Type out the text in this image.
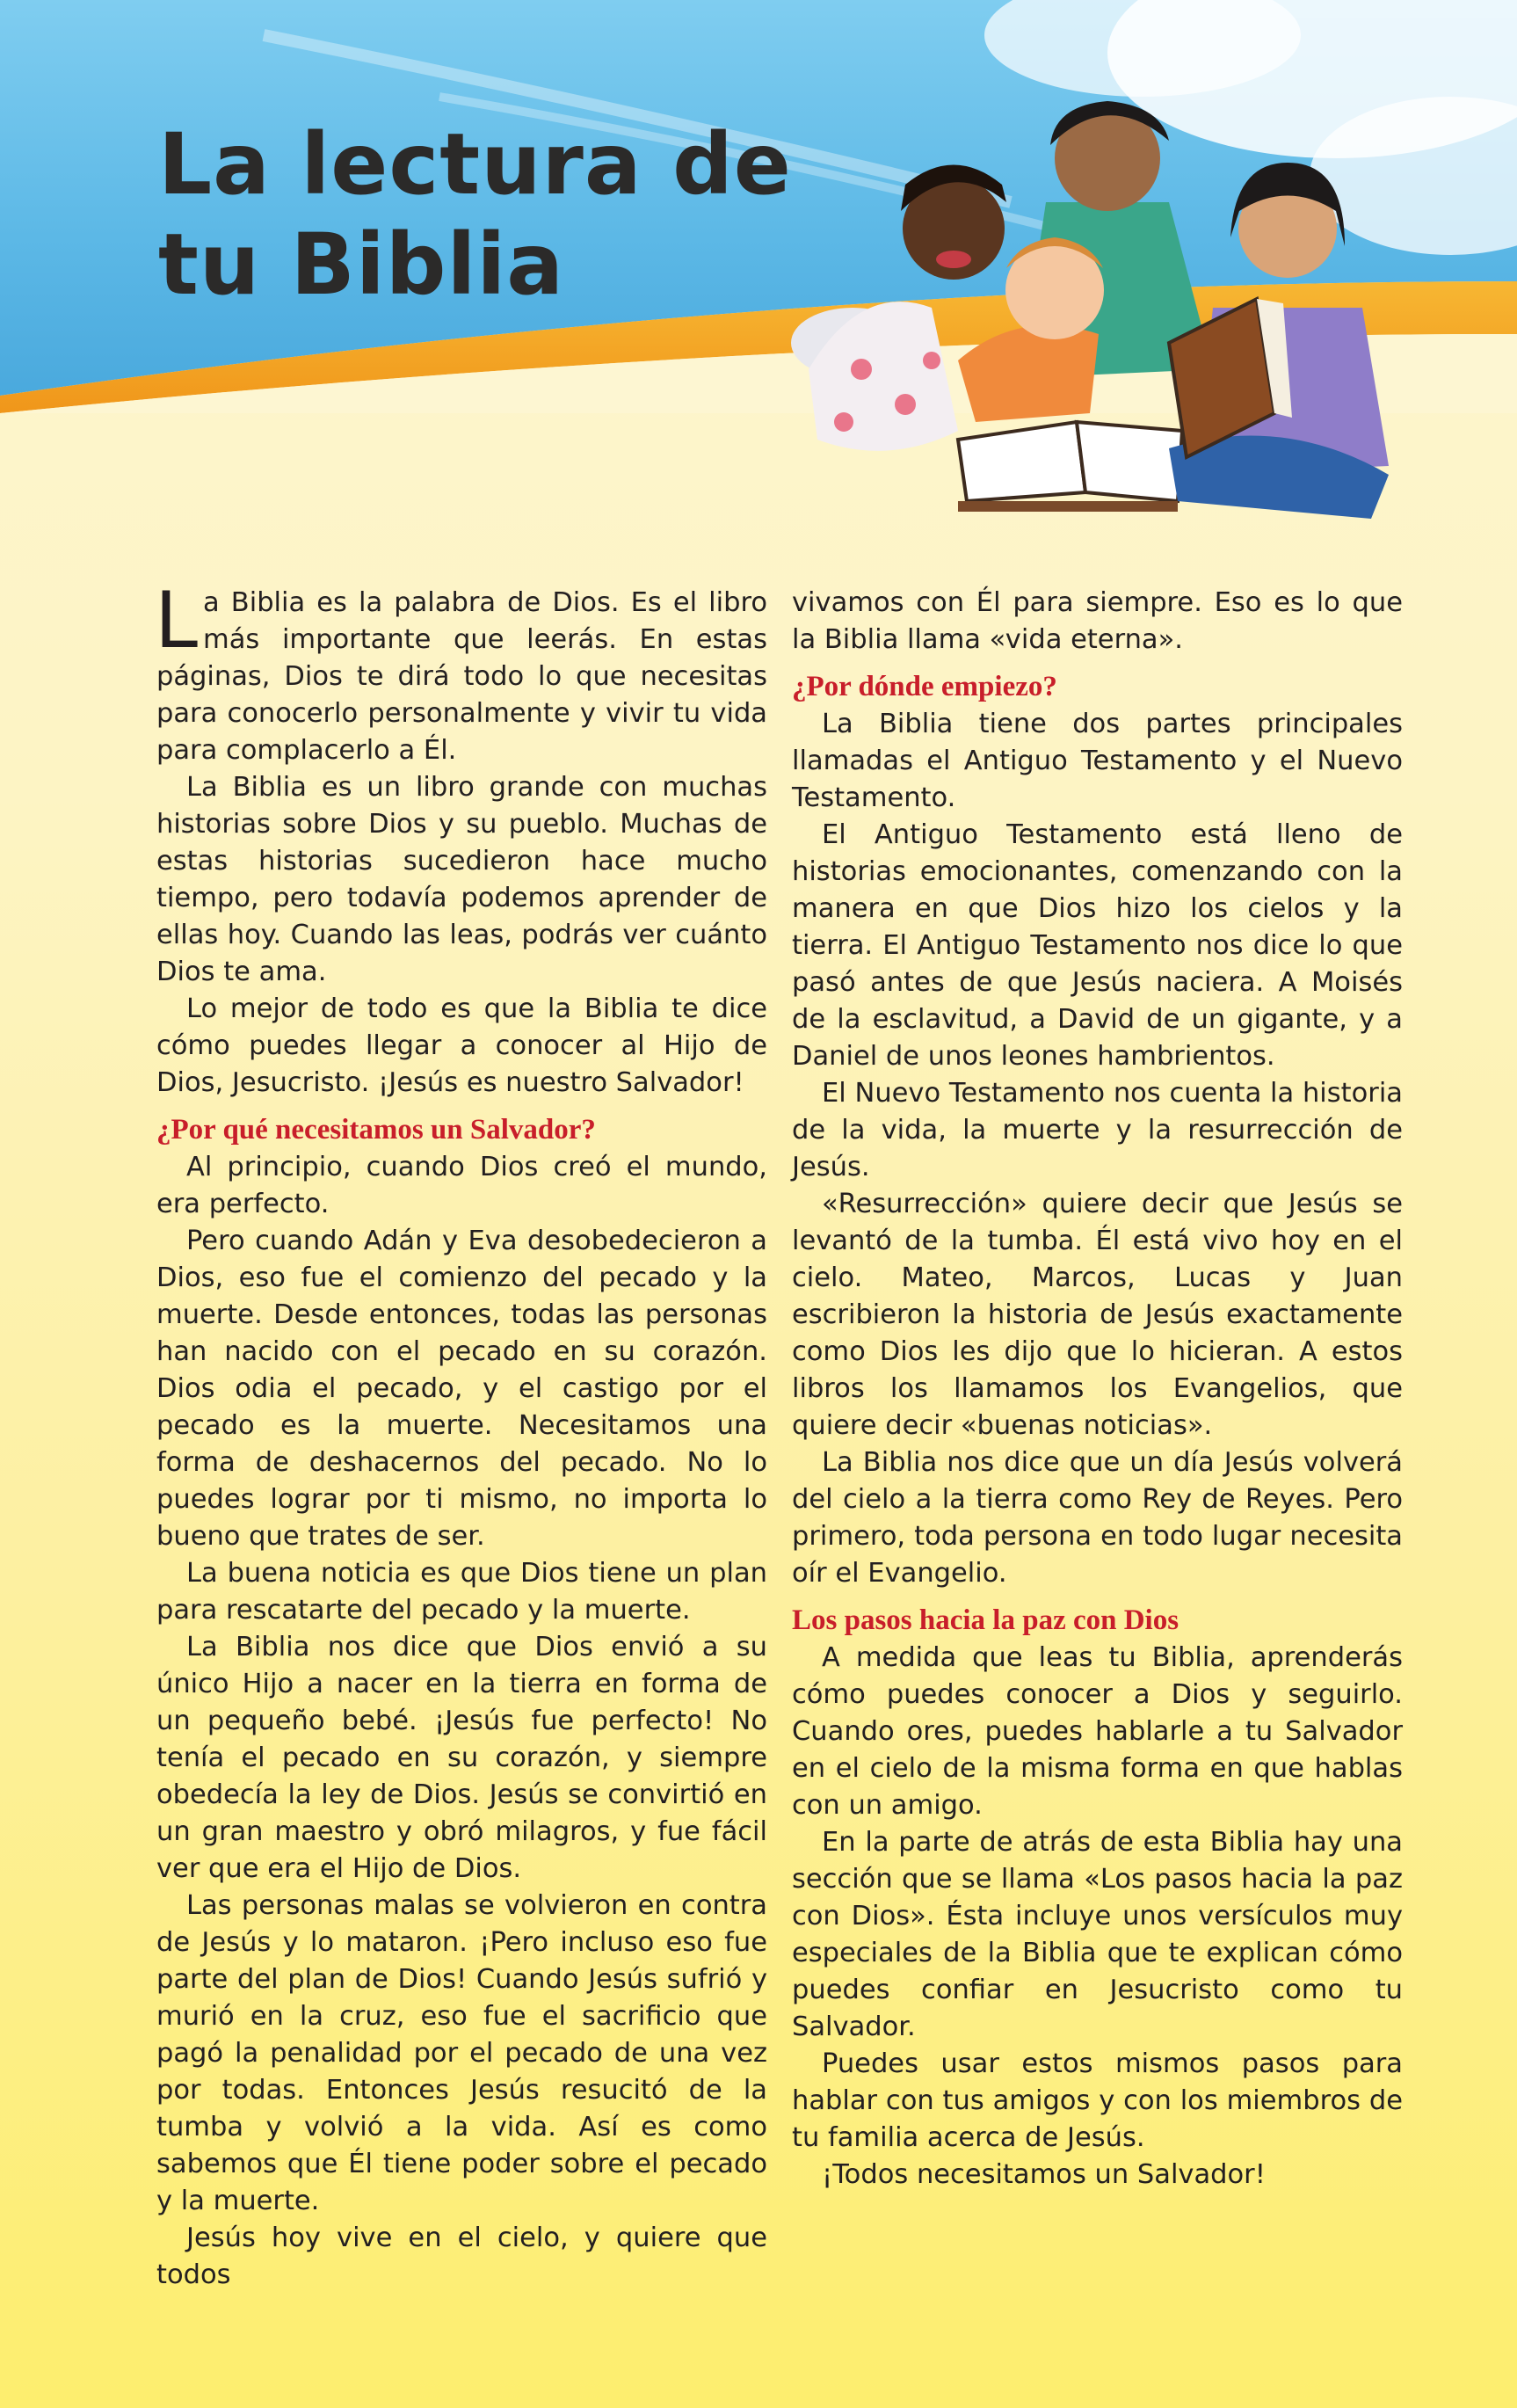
La lectura de
tu Biblia

La Biblia es la palabra de Dios. Es el libro más importante que leerás. En estas páginas, Dios te dirá todo lo que necesitas para conocerlo personalmente y vivir tu vida para complacerlo a Él.

La Biblia es un libro grande con muchas historias sobre Dios y su pueblo. Muchas de estas historias sucedieron hace mucho tiempo, pero todavía podemos aprender de ellas hoy. Cuando las leas, podrás ver cuánto Dios te ama.

Lo mejor de todo es que la Biblia te dice cómo puedes llegar a conocer al Hijo de Dios, Jesucristo. ¡Jesús es nuestro Salvador!

¿Por qué necesitamos un Salvador?

Al principio, cuando Dios creó el mundo, era perfecto.

Pero cuando Adán y Eva desobedecieron a Dios, eso fue el comienzo del pecado y la muerte. Desde entonces, todas las personas han nacido con el pecado en su corazón. Dios odia el pecado, y el castigo por el pecado es la muerte. Necesitamos una forma de deshacernos del pecado. No lo puedes lograr por ti mismo, no importa lo bueno que trates de ser.

La buena noticia es que Dios tiene un plan para rescatarte del pecado y la muerte.

La Biblia nos dice que Dios envió a su único Hijo a nacer en la tierra en forma de un pequeño bebé. ¡Jesús fue perfecto! No tenía el pecado en su corazón, y siempre obedecía la ley de Dios. Jesús se convirtió en un gran maestro y obró milagros, y fue fácil ver que era el Hijo de Dios.

Las personas malas se volvieron en contra de Jesús y lo mataron. ¡Pero incluso eso fue parte del plan de Dios! Cuando Jesús sufrió y murió en la cruz, eso fue el sacrificio que pagó la penalidad por el pecado de una vez por todas. Entonces Jesús resucitó de la tumba y volvió a la vida. Así es como sabemos que Él tiene poder sobre el pecado y la muerte.

Jesús hoy vive en el cielo, y quiere que todos

vivamos con Él para siempre. Eso es lo que la Biblia llama «vida eterna».

¿Por dónde empiezo?

La Biblia tiene dos partes principales llamadas el Antiguo Testamento y el Nuevo Testamento.

El Antiguo Testamento está lleno de historias emocionantes, comenzando con la manera en que Dios hizo los cielos y la tierra. El Antiguo Testamento nos dice lo que pasó antes de que Jesús naciera. A Moisés de la esclavitud, a David de un gigante, y a Daniel de unos leones hambrientos.

El Nuevo Testamento nos cuenta la historia de la vida, la muerte y la resurrección de Jesús.

«Resurrección» quiere decir que Jesús se levantó de la tumba. Él está vivo hoy en el cielo. Mateo, Marcos, Lucas y Juan escribieron la historia de Jesús exactamente como Dios les dijo que lo hicieran. A estos libros los llamamos los Evangelios, que quiere decir «buenas noticias».

La Biblia nos dice que un día Jesús volverá del cielo a la tierra como Rey de Reyes. Pero primero, toda persona en todo lugar necesita oír el Evangelio.

Los pasos hacia la paz con Dios

A medida que leas tu Biblia, aprenderás cómo puedes conocer a Dios y seguirlo. Cuando ores, puedes hablarle a tu Salvador en el cielo de la misma forma en que hablas con un amigo.

En la parte de atrás de esta Biblia hay una sección que se llama «Los pasos hacia la paz con Dios». Ésta incluye unos versículos muy especiales de la Biblia que te explican cómo puedes confiar en Jesucristo como tu Salvador.

Puedes usar estos mismos pasos para hablar con tus amigos y con los miembros de tu familia acerca de Jesús.

¡Todos necesitamos un Salvador!
